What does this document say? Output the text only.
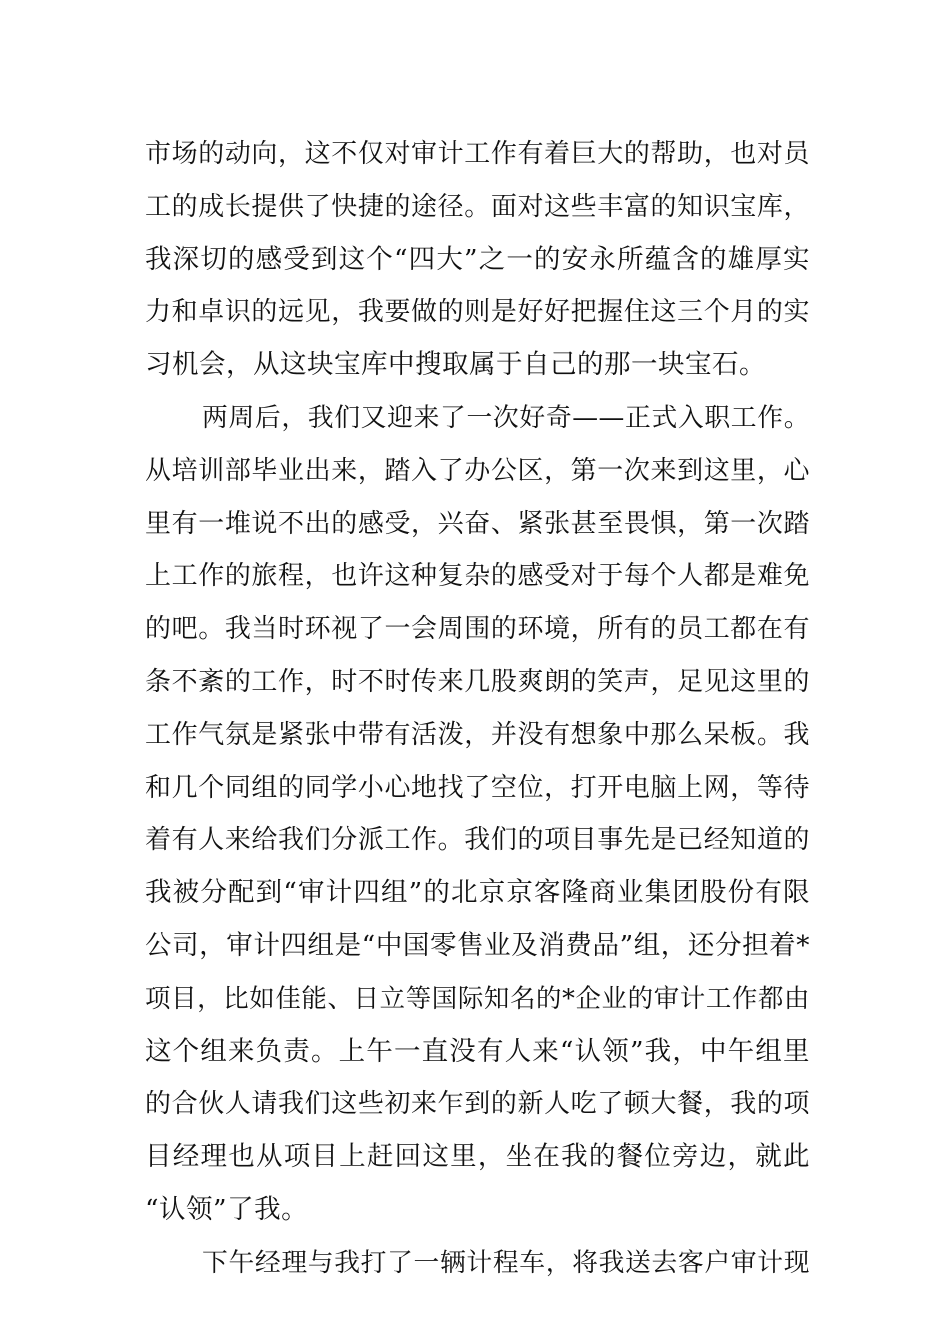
市场的动向，这不仅对审计工作有着巨大的帮助，也对员
工的成长提供了快捷的途径。面对这些丰富的知识宝库，
我深切的感受到这个“四大”之一的安永所蕴含的雄厚实
力和卓识的远见，我要做的则是好好把握住这三个月的实
习机会，从这块宝库中搜取属于自己的那一块宝石。
两周后，我们又迎来了一次好奇——正式入职工作。
从培训部毕业出来，踏入了办公区，第一次来到这里，心
里有一堆说不出的感受，兴奋、紧张甚至畏惧，第一次踏
上工作的旅程，也许这种复杂的感受对于每个人都是难免
的吧。我当时环视了一会周围的环境，所有的员工都在有
条不紊的工作，时不时传来几股爽朗的笑声，足见这里的
工作气氛是紧张中带有活泼，并没有想象中那么呆板。我
和几个同组的同学小心地找了空位，打开电脑上网，等待
着有人来给我们分派工作。我们的项目事先是已经知道的
我被分配到“审计四组”的北京京客隆商业集团股份有限
公司，审计四组是“中国零售业及消费品”组，还分担着*
项目，比如佳能、日立等国际知名的*企业的审计工作都由
这个组来负责。上午一直没有人来“认领”我，中午组里
的合伙人请我们这些初来乍到的新人吃了顿大餐，我的项
目经理也从项目上赶回这里，坐在我的餐位旁边，就此
“认领”了我。
下午经理与我打了一辆计程车，将我送去客户审计现
